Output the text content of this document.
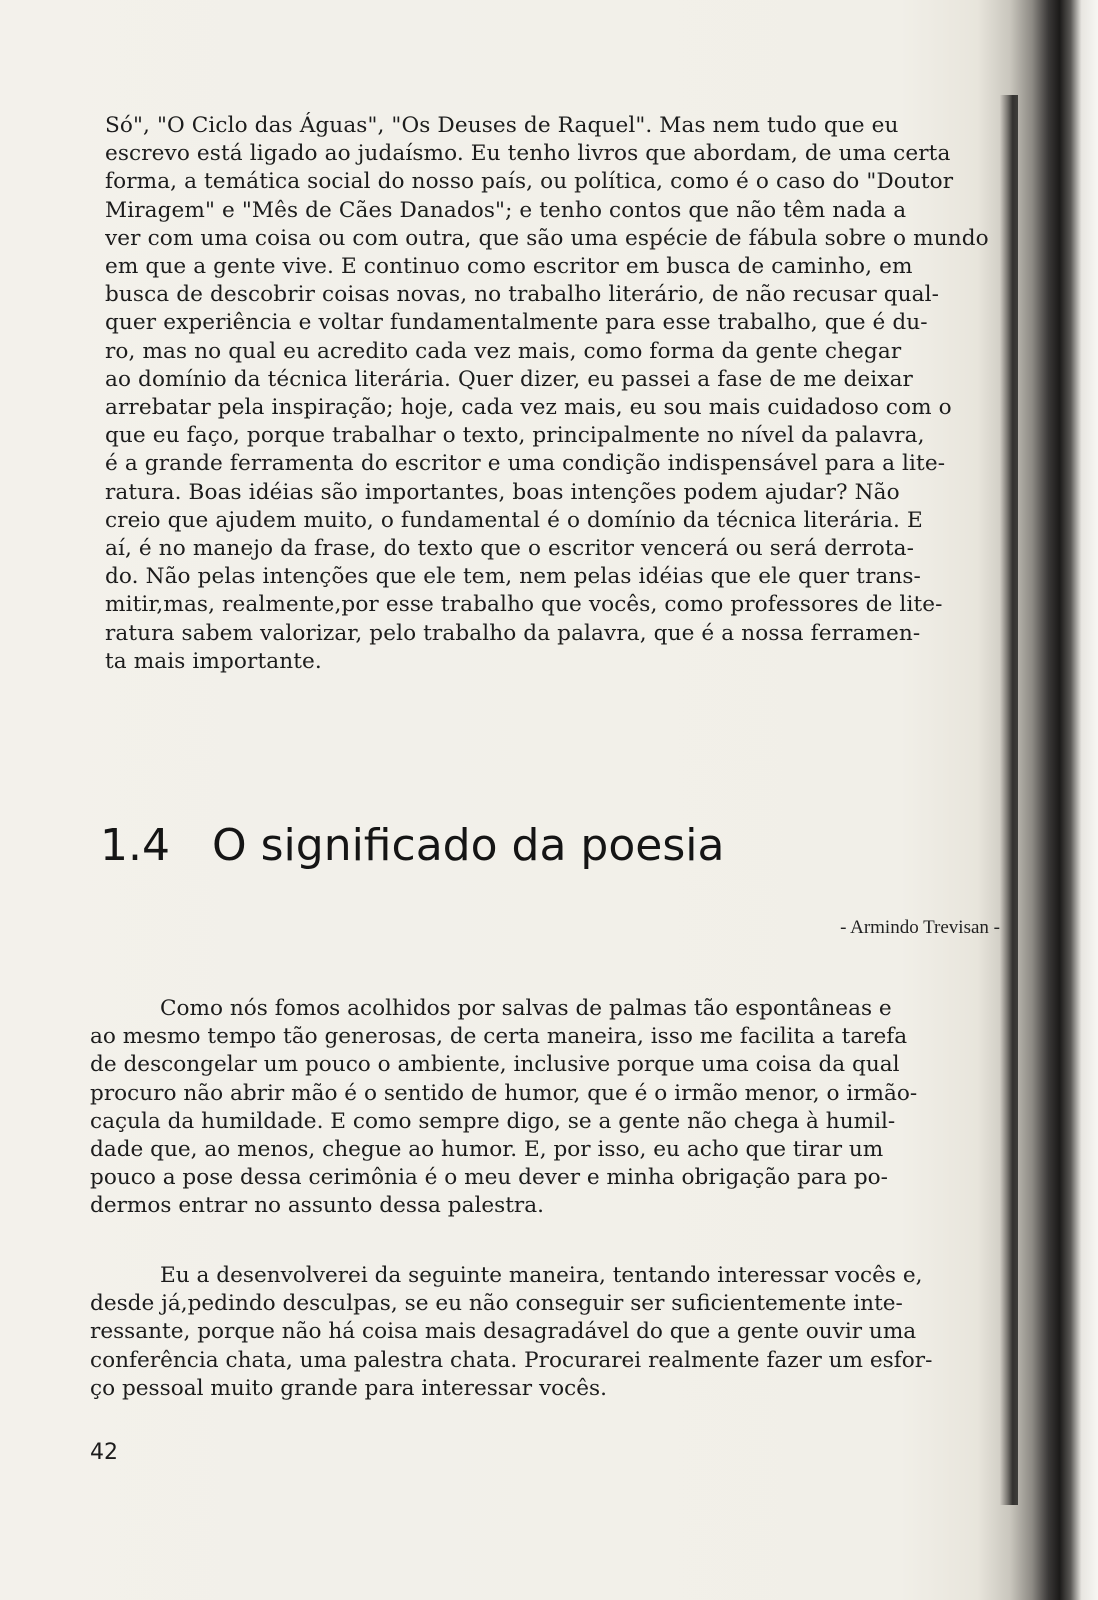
Só", "O Ciclo das Águas", "Os Deuses de Raquel". Mas nem tudo que eu
escrevo está ligado ao judaísmo. Eu tenho livros que abordam, de uma certa
forma, a temática social do nosso país, ou política, como é o caso do "Doutor
Miragem" e "Mês de Cães Danados"; e tenho contos que não têm nada a
ver com uma coisa ou com outra, que são uma espécie de fábula sobre o mundo
em que a gente vive. E continuo como escritor em busca de caminho, em
busca de descobrir coisas novas, no trabalho literário, de não recusar qual-
quer experiência e voltar fundamentalmente para esse trabalho, que é du-
ro, mas no qual eu acredito cada vez mais, como forma da gente chegar
ao domínio da técnica literária. Quer dizer, eu passei a fase de me deixar
arrebatar pela inspiração; hoje, cada vez mais, eu sou mais cuidadoso com o
que eu faço, porque trabalhar o texto, principalmente no nível da palavra,
é a grande ferramenta do escritor e uma condição indispensável para a lite-
ratura. Boas idéias são importantes, boas intenções podem ajudar? Não
creio que ajudem muito, o fundamental é o domínio da técnica literária. E
aí, é no manejo da frase, do texto que o escritor vencerá ou será derrota-
do. Não pelas intenções que ele tem, nem pelas idéias que ele quer trans-
mitir,mas, realmente,por esse trabalho que vocês, como professores de lite-
ratura sabem valorizar, pelo trabalho da palavra, que é a nossa ferramen-
ta mais importante.
1.4 O significado da poesia
- Armindo Trevisan -
Como nós fomos acolhidos por salvas de palmas tão espontâneas e
ao mesmo tempo tão generosas, de certa maneira, isso me facilita a tarefa
de descongelar um pouco o ambiente, inclusive porque uma coisa da qual
procuro não abrir mão é o sentido de humor, que é o irmão menor, o irmão-
caçula da humildade. E como sempre digo, se a gente não chega à humil-
dade que, ao menos, chegue ao humor. E, por isso, eu acho que tirar um
pouco a pose dessa cerimônia é o meu dever e minha obrigação para po-
dermos entrar no assunto dessa palestra.
Eu a desenvolverei da seguinte maneira, tentando interessar vocês e,
desde já,pedindo desculpas, se eu não conseguir ser suficientemente inte-
ressante, porque não há coisa mais desagradável do que a gente ouvir uma
conferência chata, uma palestra chata. Procurarei realmente fazer um esfor-
ço pessoal muito grande para interessar vocês.
42
